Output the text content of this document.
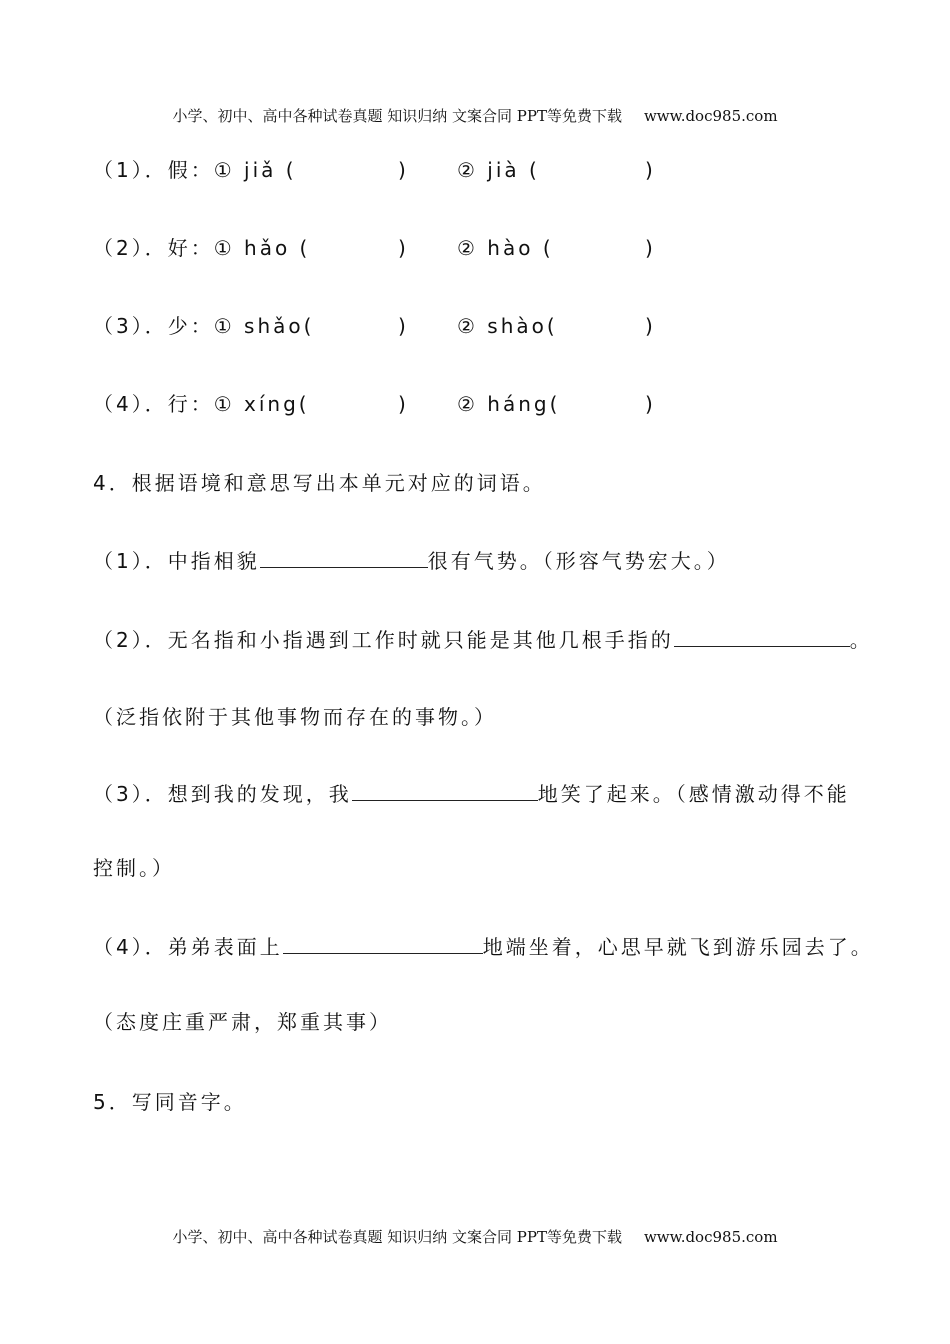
小学、初中、高中各种试卷真题 知识归纳 文案合同 PPT等免费下载 www.doc985.com
（1）．假：① jiǎ (	) ② jià (	)
（2）．好：① hǎo (	) ② hào (	)
（3）．少：① shǎo(	) ② shào(	)
（4）．行：① xíng(	) ② háng(	)
4．根据语境和意思写出本单元对应的词语。
（1）．中指相貌	很有气势。（形容气势宏大。）
（2）．无名指和小指遇到工作时就只能是其他几根手指的	。
（泛指依附于其他事物而存在的事物。）
（3）．想到我的发现，我	地笑了起来。（感情激动得不能
控制。）
（4）．弟弟表面上	地端坐着，心思早就飞到游乐园去了。
（态度庄重严肃，郑重其事）
5．写同音字。
小学、初中、高中各种试卷真题 知识归纳 文案合同 PPT等免费下载 www.doc985.com
